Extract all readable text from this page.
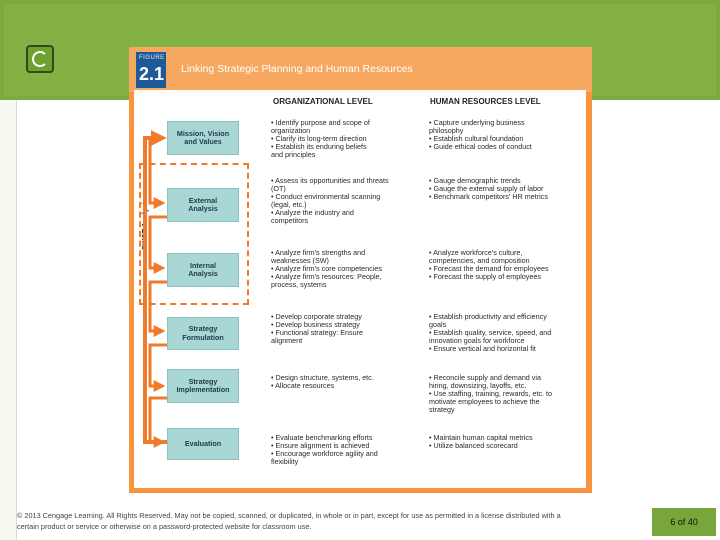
FIGURE
2.1 Linking Strategic Planning and Human Resources
ORGANIZATIONAL LEVEL	HUMAN RESOURCES LEVEL
SWOT Analysis
Mission, Vision
and Values
External
Analysis
Internal
Analysis
Strategy
Formulation
Strategy
Implementation
Evaluation
• Identify purpose and scope of
organization
• Clarify its long-term direction
• Establish its enduring beliefs
and principles
• Capture underlying business
philosophy
• Establish cultural foundation
• Guide ethical codes of conduct
• Assess its opportunities and threats
(OT)
• Conduct environmental scanning
(legal, etc.)
• Analyze the industry and
competitors
• Gauge demographic trends
• Gauge the external supply of labor
• Benchmark competitors' HR metrics
• Analyze firm's strengths and
weaknesses (SW)
• Analyze firm's core competencies
• Analyze firm's resources: People,
process, systems
• Analyze workforce's culture,
competencies, and composition
• Forecast the demand for employees
• Forecast the supply of employees
• Develop corporate strategy
• Develop business strategy
• Functional strategy: Ensure
alignment
• Establish productivity and efficiency
goals
• Establish quality, service, speed, and
innovation goals for workforce
• Ensure vertical and horizontal fit
• Design structure, systems, etc.
• Allocate resources
• Reconcile supply and demand via
hiring, downsizing, layoffs, etc.
• Use staffing, training, rewards, etc. to
motivate employees to achieve the
strategy
• Evaluate benchmarking efforts
• Ensure alignment is achieved
• Encourage workforce agility and
flexibility
• Maintain human capital metrics
• Utilize balanced scorecard
© 2013 Cengage Learning. All Rights Reserved. May not be copied, scanned, or duplicated, in whole or in part, except for use as permitted in a license distributed with a certain product or service or otherwise on a password-protected website for classroom use.	6 of 40
